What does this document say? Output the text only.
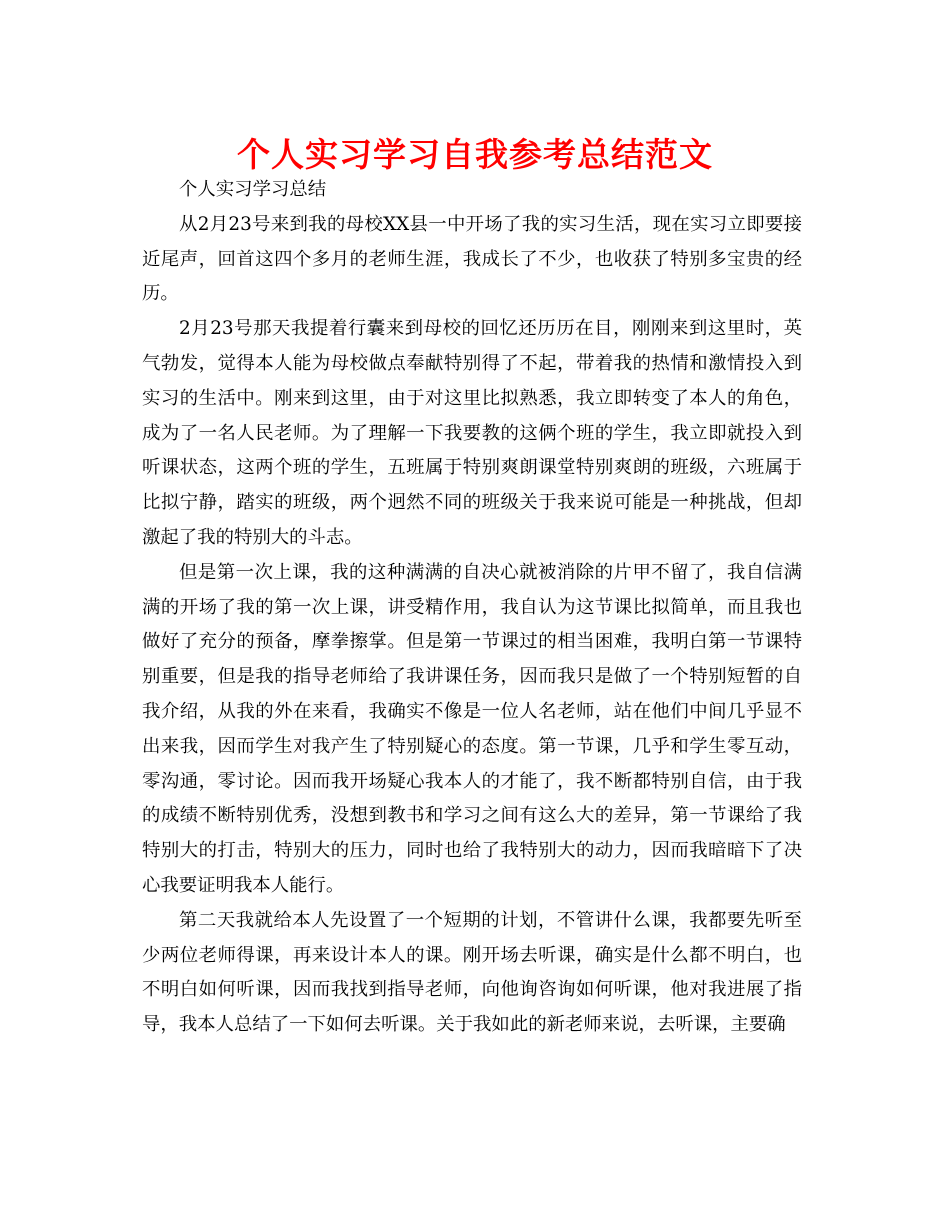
个人实习学习自我参考总结范文

个人实习学习总结

从2月23号来到我的母校XX县一中开场了我的实习生活，现在实习立即要接近尾声，回首这四个多月的老师生涯，我成长了不少，也收获了特别多宝贵的经历。

2月23号那天我提着行囊来到母校的回忆还历历在目，刚刚来到这里时，英气勃发，觉得本人能为母校做点奉献特别得了不起，带着我的热情和激情投入到实习的生活中。刚来到这里，由于对这里比拟熟悉，我立即转变了本人的角色，成为了一名人民老师。为了理解一下我要教的这俩个班的学生，我立即就投入到听课状态，这两个班的学生，五班属于特别爽朗课堂特别爽朗的班级，六班属于比拟宁静，踏实的班级，两个迥然不同的班级关于我来说可能是一种挑战，但却激起了我的特别大的斗志。

但是第一次上课，我的这种满满的自决心就被消除的片甲不留了，我自信满满的开场了我的第一次上课，讲受精作用，我自认为这节课比拟简单，而且我也做好了充分的预备，摩拳擦掌。但是第一节课过的相当困难，我明白第一节课特别重要，但是我的指导老师给了我讲课任务，因而我只是做了一个特别短暂的自我介绍，从我的外在来看，我确实不像是一位人名老师，站在他们中间几乎显不出来我，因而学生对我产生了特别疑心的态度。第一节课，几乎和学生零互动，零沟通，零讨论。因而我开场疑心我本人的才能了，我不断都特别自信，由于我的成绩不断特别优秀，没想到教书和学习之间有这么大的差异，第一节课给了我特别大的打击，特别大的压力，同时也给了我特别大的动力，因而我暗暗下了决心我要证明我本人能行。

第二天我就给本人先设置了一个短期的计划，不管讲什么课，我都要先听至少两位老师得课，再来设计本人的课。刚开场去听课，确实是什么都不明白，也不明白如何听课，因而我找到指导老师，向他询咨询如何听课，他对我进展了指导，我本人总结了一下如何去听课。关于我如此的新老师来说，去听课，主要确
